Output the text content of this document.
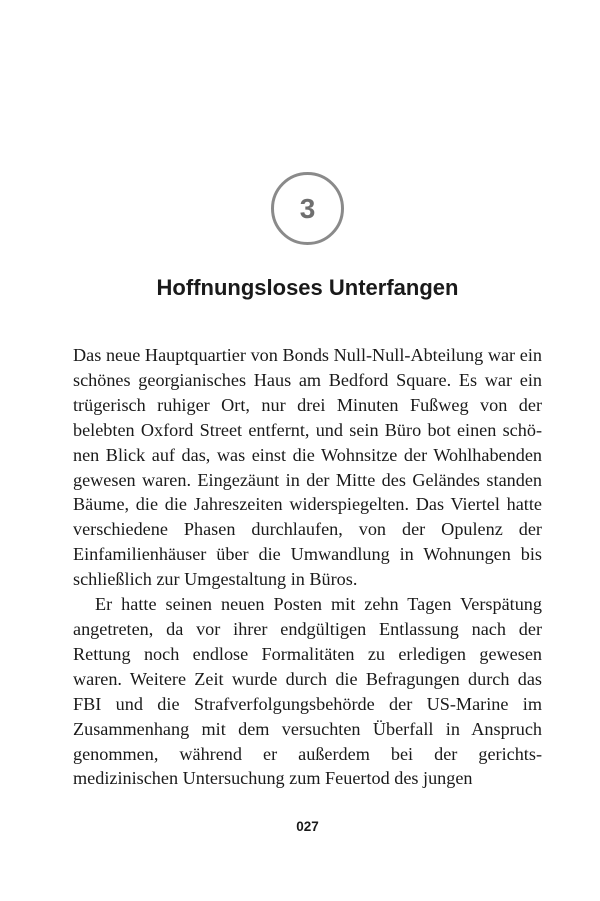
3
Hoffnungsloses Unterfangen

Das neue Hauptquartier von Bonds Null-Null-Abteilung war ein schönes georgianisches Haus am Bedford Square. Es war ein trügerisch ruhiger Ort, nur drei Minuten Fußweg von der belebten Oxford Street entfernt, und sein Büro bot einen schönen Blick auf das, was einst die Wohnsitze der Wohlhabenden gewesen waren. Eingezäunt in der Mitte des Geländes standen Bäume, die die Jahreszeiten widerspiegelten. Das Viertel hatte verschiedene Phasen durchlaufen, von der Opulenz der Einfamilienhäuser über die Umwandlung in Wohnungen bis schließlich zur Umgestaltung in Büros.

Er hatte seinen neuen Posten mit zehn Tagen Verspätung angetreten, da vor ihrer endgültigen Entlassung nach der Rettung noch endlose Formalitäten zu erledigen gewesen waren. Weitere Zeit wurde durch die Befragungen durch das FBI und die Strafverfolgungsbehörde der US-Marine im Zusammenhang mit dem versuchten Überfall in Anspruch genommen, während er außerdem bei der gerichtsmedizinischen Untersuchung zum Feuertod des jungen

027
